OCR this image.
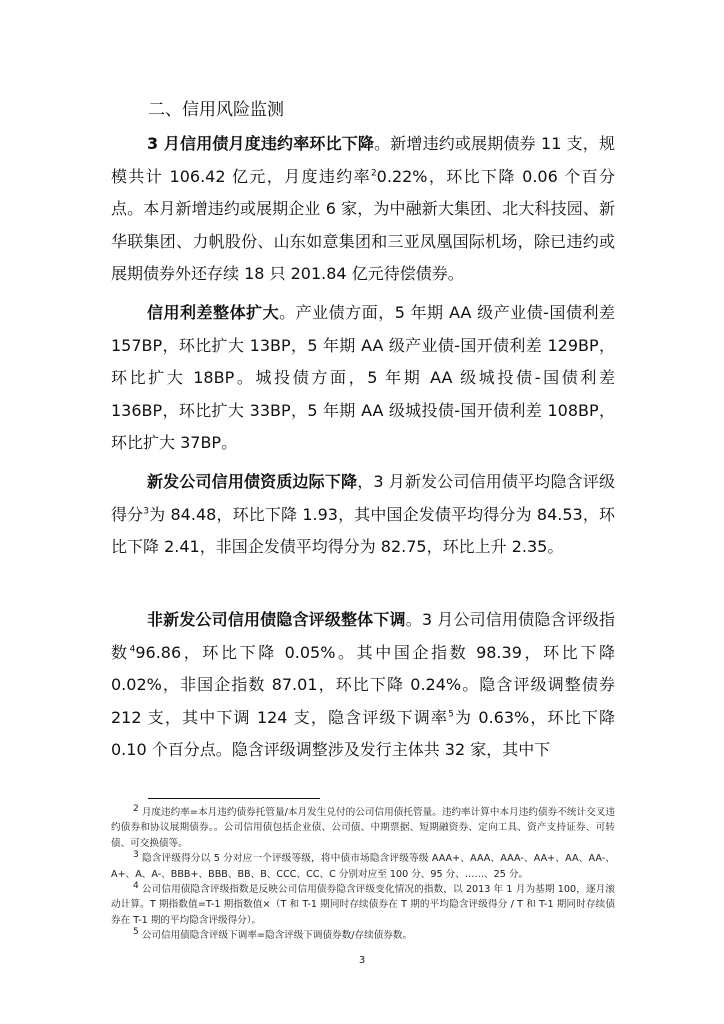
二、信用风险监测

3 月信用债月度违约率环比下降。新增违约或展期债券 11 支，规模共计 106.42 亿元，月度违约率$^2$0.22%，环比下降 0.06 个百分点。本月新增违约或展期企业 6 家，为中融新大集团、北大科技园、新华联集团、力帆股份、山东如意集团和三亚凤凰国际机场，除已违约或展期债券外还存续 18 只 201.84 亿元待偿债券。

信用利差整体扩大。产业债方面，5 年期 AA 级产业债-国债利差 157BP，环比扩大 13BP，5 年期 AA 级产业债-国开债利差 129BP，环比扩大 18BP。城投债方面，5 年期 AA 级城投债-国债利差 136BP，环比扩大 33BP，5 年期 AA 级城投债-国开债利差 108BP，环比扩大 37BP。

新发公司信用债资质边际下降，3 月新发公司信用债平均隐含评级得分$^3$为 84.48，环比下降 1.93，其中国企发债平均得分为 84.53，环比下降 2.41，非国企发债平均得分为 82.75，环比上升 2.35。

非新发公司信用债隐含评级整体下调。3 月公司信用债隐含评级指数$^4$96.86，环比下降 0.05%。其中国企指数 98.39，环比下降 0.02%，非国企指数 87.01，环比下降 0.24%。隐含评级调整债券 212 支，其中下调 124 支，隐含评级下调率$^5$为 0.63%，环比下降 0.10 个百分点。隐含评级调整涉及发行主体共 32 家，其中下

$^2$ 月度违约率=本月违约债券托管量/本月发生兑付的公司信用债托管量。违约率计算中本月违约债券不统计交叉违约债券和协议展期债券。。公司信用债包括企业债、公司债、中期票据、短期融资券、定向工具、资产支持证券、可转债、可交换债等。

$^3$ 隐含评级得分以 5 分对应一个评级等级，将中债市场隐含评级等级 AAA+、AAA、AAA-、AA+、AA、AA-、A+、A、A-、BBB+、BBB、BB、B、CCC、CC、C 分别对应至 100 分、95 分、……、25 分。

$^4$ 公司信用债隐含评级指数是反映公司信用债券隐含评级变化情况的指数，以 2013 年 1 月为基期 100，逐月滚动计算。T 期指数值=T-1 期指数值×（T 和 T-1 期同时存续债券在 T 期的平均隐含评级得分 / T 和 T-1 期同时存续债券在 T-1 期的平均隐含评级得分）。

$^5$ 公司信用债隐含评级下调率=隐含评级下调债券数/存续债券数。

3
